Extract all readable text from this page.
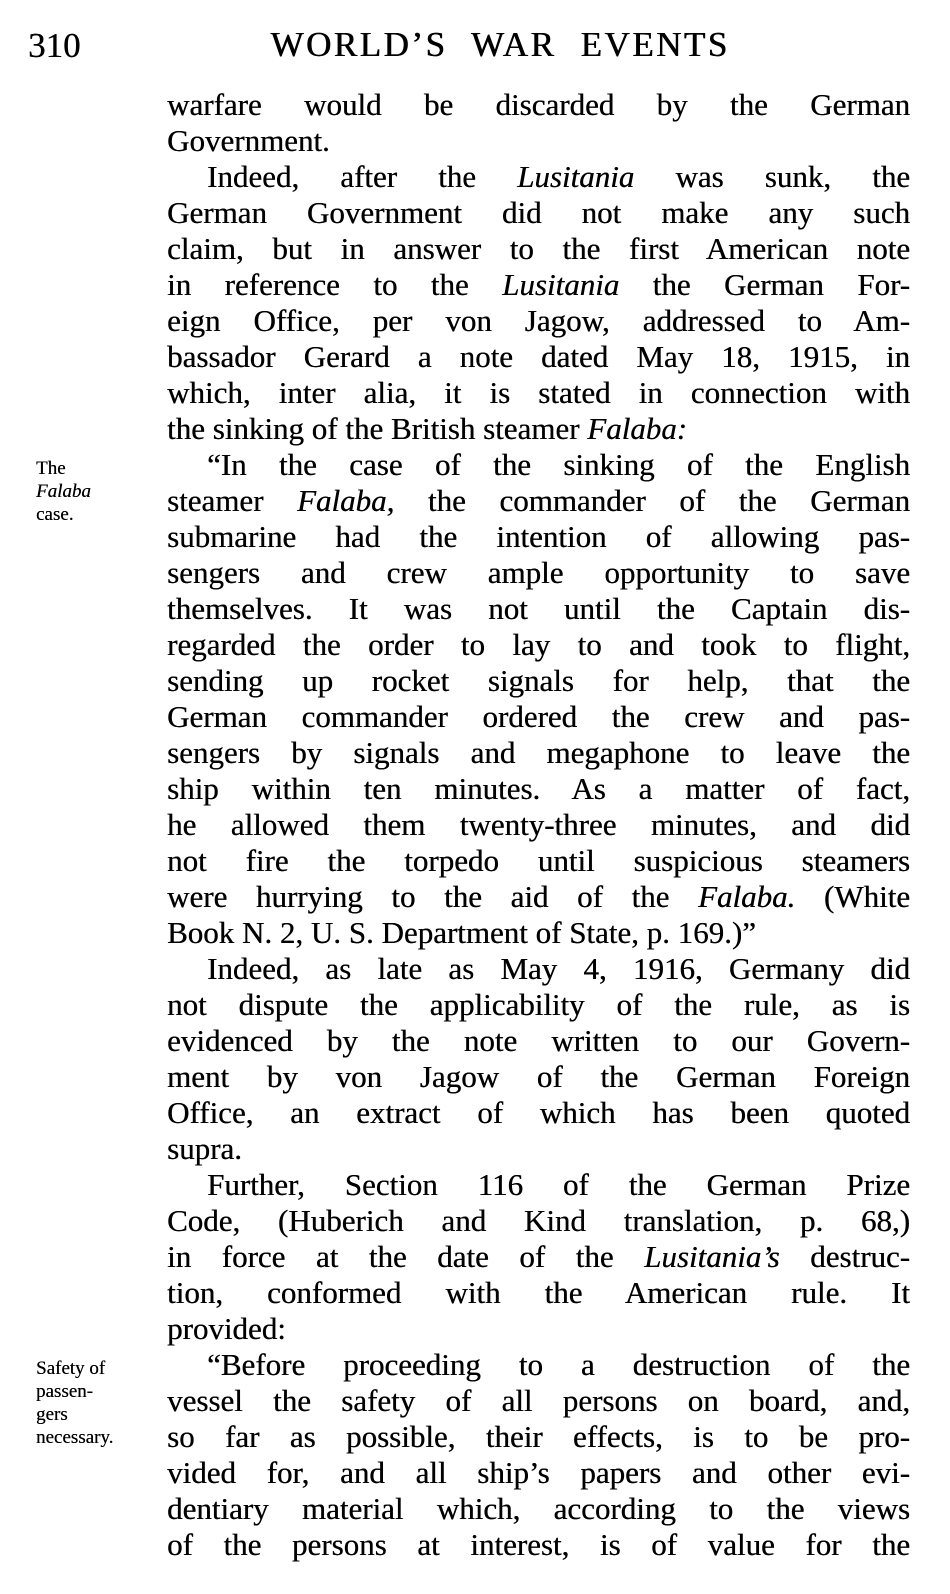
310	WORLD’S WAR EVENTS
warfare would be discarded by the German
Government.
Indeed, after the Lusitania was sunk, the
German Government did not make any such
claim, but in answer to the first American note
in reference to the Lusitania the German For-
eign Office, per von Jagow, addressed to Am-
bassador Gerard a note dated May 18, 1915, in
which, inter alia, it is stated in connection with
the sinking of the British steamer Falaba:
The
Falaba
case.
“In the case of the sinking of the English
steamer Falaba, the commander of the German
submarine had the intention of allowing pas-
sengers and crew ample opportunity to save
themselves. It was not until the Captain dis-
regarded the order to lay to and took to flight,
sending up rocket signals for help, that the
German commander ordered the crew and pas-
sengers by signals and megaphone to leave the
ship within ten minutes. As a matter of fact,
he allowed them twenty-three minutes, and did
not fire the torpedo until suspicious steamers
were hurrying to the aid of the Falaba. (White
Book N. 2, U. S. Department of State, p. 169.)”
Indeed, as late as May 4, 1916, Germany did
not dispute the applicability of the rule, as is
evidenced by the note written to our Govern-
ment by von Jagow of the German Foreign
Office, an extract of which has been quoted
supra.
Further, Section 116 of the German Prize
Code, (Huberich and Kind translation, p. 68,)
in force at the date of the Lusitania’s destruc-
tion, conformed with the American rule. It
provided:
Safety of
passen-
gers
necessary.
“Before proceeding to a destruction of the
vessel the safety of all persons on board, and,
so far as possible, their effects, is to be pro-
vided for, and all ship’s papers and other evi-
dentiary material which, according to the views
of the persons at interest, is of value for the
